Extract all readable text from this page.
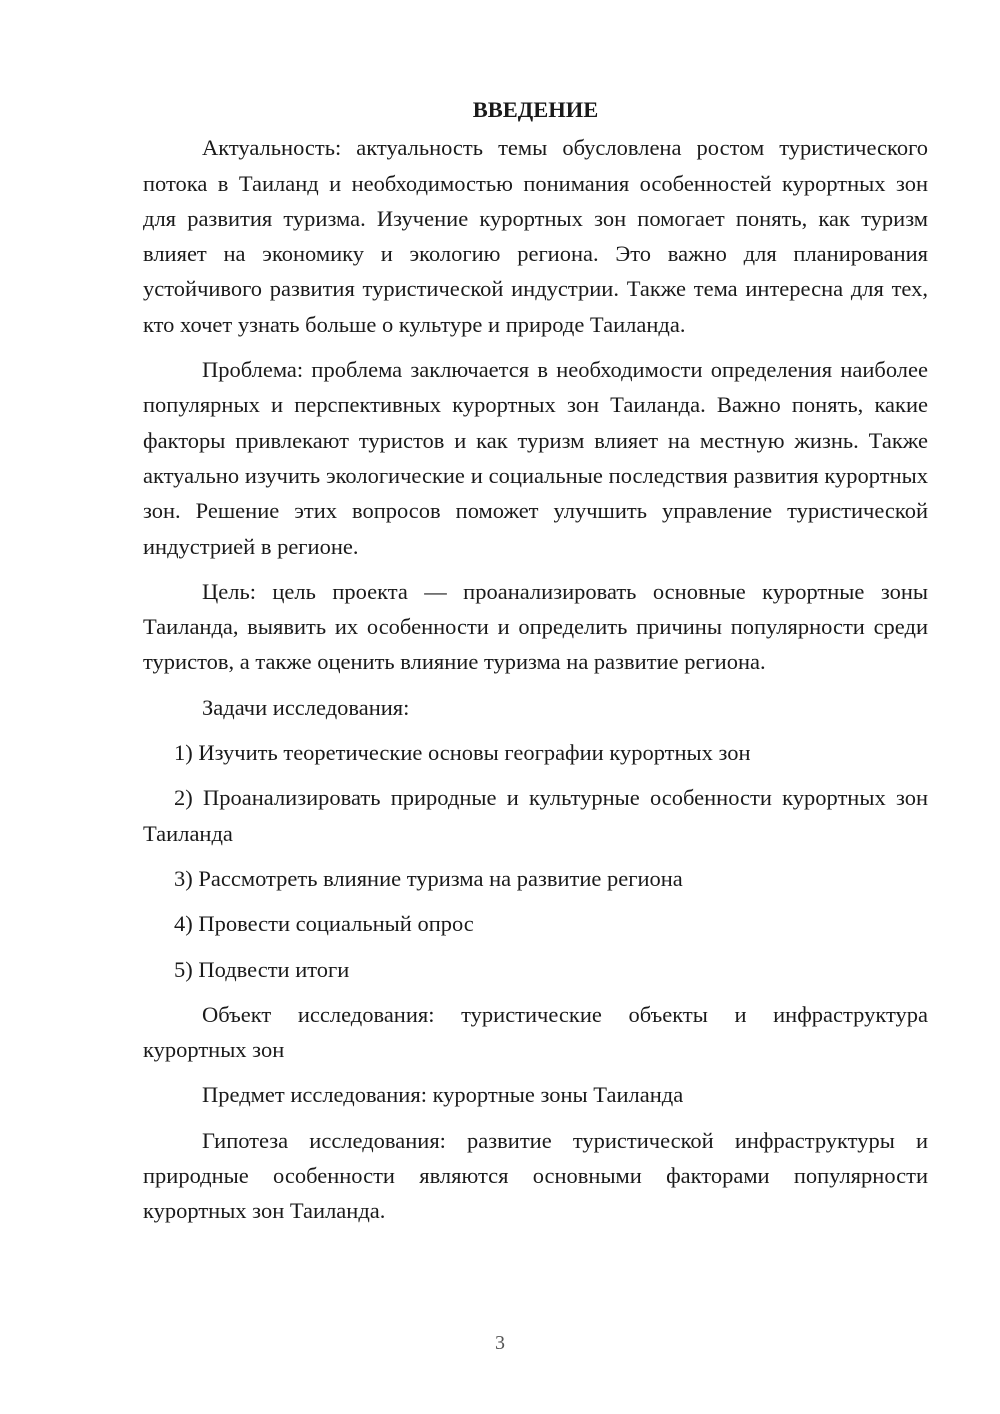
ВВЕДЕНИЕ

Актуальность: актуальность темы обусловлена ростом туристического потока в Таиланд и необходимостью понимания особенностей курортных зон для развития туризма. Изучение курортных зон помогает понять, как туризм влияет на экономику и экологию региона. Это важно для планирования устойчивого развития туристической индустрии. Также тема интересна для тех, кто хочет узнать больше о культуре и природе Таиланда.

Проблема: проблема заключается в необходимости определения наиболее популярных и перспективных курортных зон Таиланда. Важно понять, какие факторы привлекают туристов и как туризм влияет на местную жизнь. Также актуально изучить экологические и социальные последствия развития курортных зон. Решение этих вопросов поможет улучшить управление туристической индустрией в регионе.

Цель: цель проекта — проанализировать основные курортные зоны Таиланда, выявить их особенности и определить причины популярности среди туристов, а также оценить влияние туризма на развитие региона.

Задачи исследования:

1) Изучить теоретические основы географии курортных зон

2) Проанализировать природные и культурные особенности курортных зон Таиланда

3) Рассмотреть влияние туризма на развитие региона

4) Провести социальный опрос

5) Подвести итоги

Объект исследования: туристические объекты и инфраструктура курортных зон

Предмет исследования: курортные зоны Таиланда

Гипотеза исследования: развитие туристической инфраструктуры и природные особенности являются основными факторами популярности курортных зон Таиланда.

3
